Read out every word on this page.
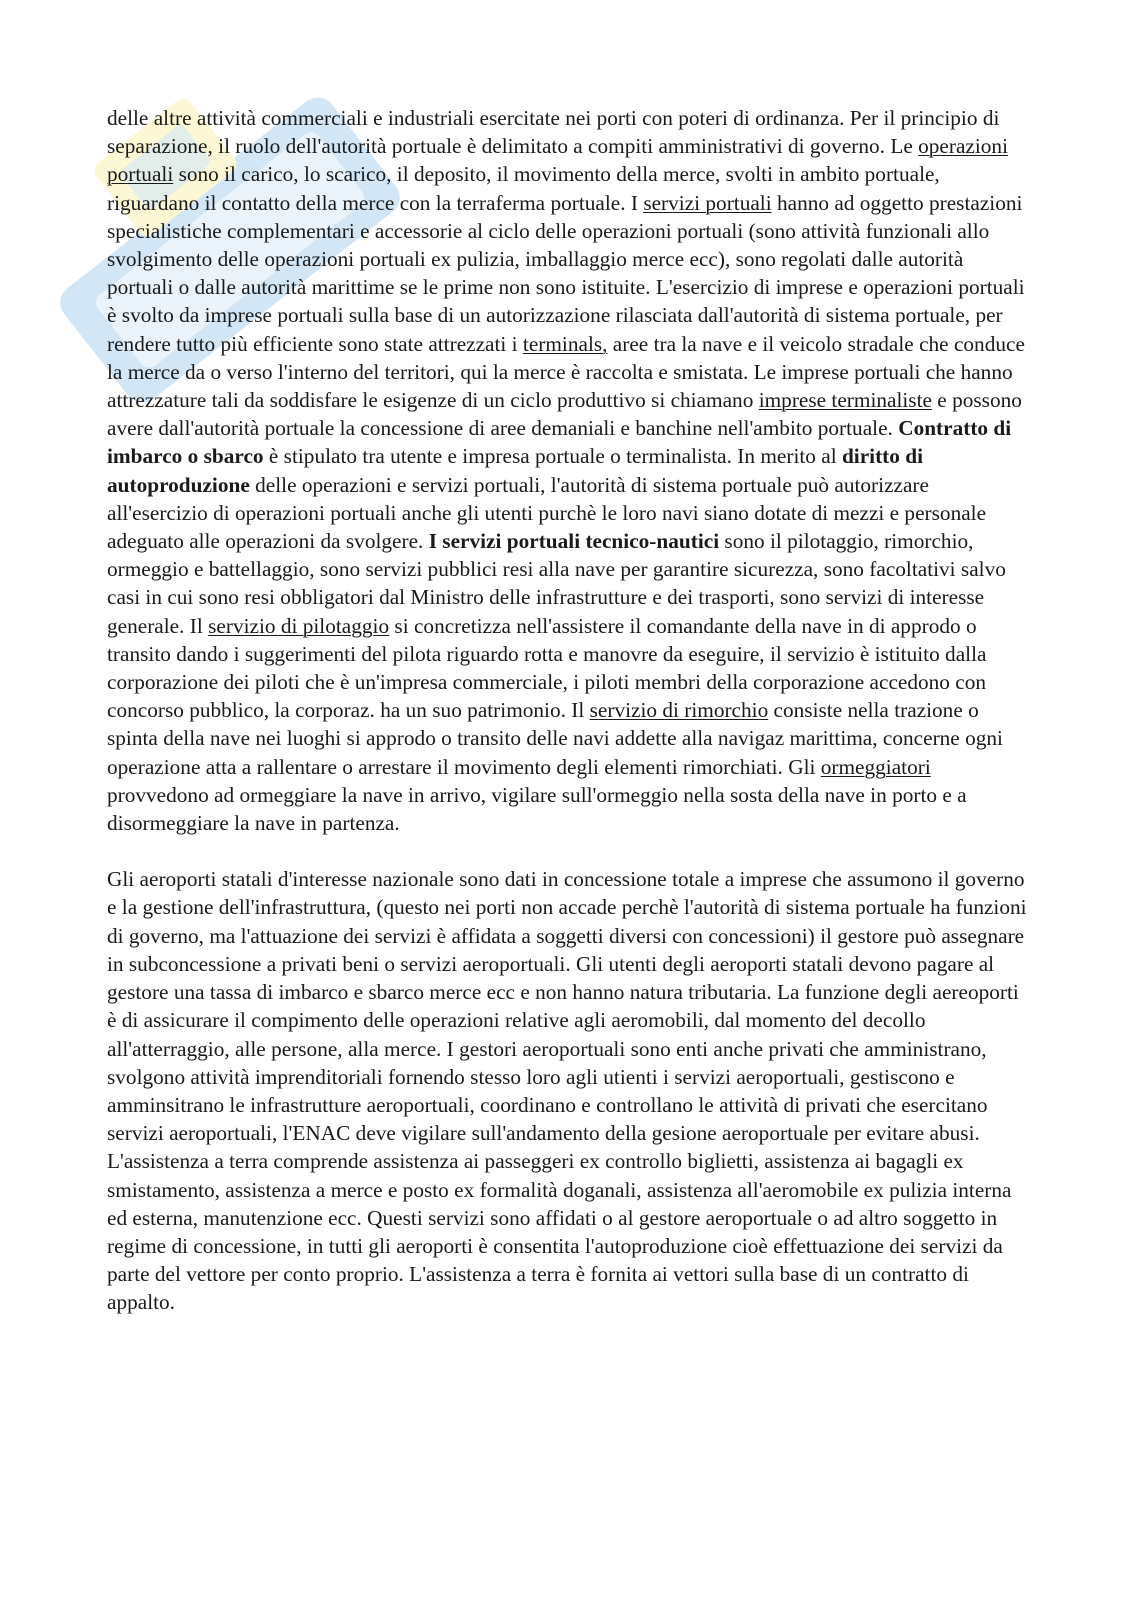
delle altre attività commerciali e industriali esercitate nei porti con poteri di ordinanza. Per il principio di separazione, il ruolo dell'autorità portuale è delimitato a compiti amministrativi di governo. Le operazioni portuali sono il carico, lo scarico, il deposito, il movimento della merce, svolti in ambito portuale, riguardano il contatto della merce con la terraferma portuale. I servizi portuali hanno ad oggetto prestazioni specialistiche complementari e accessorie al ciclo delle operazioni portuali (sono attività funzionali allo svolgimento delle operazioni portuali ex pulizia, imballaggio merce ecc), sono regolati dalle autorità portuali o dalle autorità marittime se le prime non sono istituite. L'esercizio di imprese e operazioni portuali è svolto da imprese portuali sulla base di un autorizzazione rilasciata dall'autorità di sistema portuale, per rendere tutto più efficiente sono state attrezzati i terminals, aree tra la nave e il veicolo stradale che conduce la merce da o verso l'interno del territori, qui la merce è raccolta e smistata. Le imprese portuali che hanno attrezzature tali da soddisfare le esigenze di un ciclo produttivo si chiamano imprese terminaliste e possono avere dall'autorità portuale la concessione di aree demaniali e banchine nell'ambito portuale. Contratto di imbarco o sbarco è stipulato tra utente e impresa portuale o terminalista. In merito al diritto di autoproduzione delle operazioni e servizi portuali, l'autorità di sistema portuale può autorizzare all'esercizio di operazioni portuali anche gli utenti purchè le loro navi siano dotate di mezzi e personale adeguato alle operazioni da svolgere. I servizi portuali tecnico-nautici sono il pilotaggio, rimorchio, ormeggio e battellaggio, sono servizi pubblici resi alla nave per garantire sicurezza, sono facoltativi salvo casi in cui sono resi obbligatori dal Ministro delle infrastrutture e dei trasporti, sono servizi di interesse generale. Il servizio di pilotaggio si concretizza nell'assistere il comandante della nave in di approdo o transito dando i suggerimenti del pilota riguardo rotta e manovre da eseguire, il servizio è istituito dalla corporazione dei piloti che è un'impresa commerciale, i piloti membri della corporazione accedono con concorso pubblico, la corporaz. ha un suo patrimonio. Il servizio di rimorchio consiste nella trazione o spinta della nave nei luoghi si approdo o transito delle navi addette alla navigaz marittima, concerne ogni operazione atta a rallentare o arrestare il movimento degli elementi rimorchiati. Gli ormeggiatori provvedono ad ormeggiare la nave in arrivo, vigilare sull'ormeggio nella sosta della nave in porto e a disormeggiare la nave in partenza.

Gli aeroporti statali d'interesse nazionale sono dati in concessione totale a imprese che assumono il governo e la gestione dell'infrastruttura, (questo nei porti non accade perchè l'autorità di sistema portuale ha funzioni di governo, ma l'attuazione dei servizi è affidata a soggetti diversi con concessioni) il gestore può assegnare in subconcessione a privati beni o servizi aeroportuali. Gli utenti degli aeroporti statali devono pagare al gestore una tassa di imbarco e sbarco merce ecc e non hanno natura tributaria. La funzione degli aereoporti è di assicurare il compimento delle operazioni relative agli aeromobili, dal momento del decollo all'atterraggio, alle persone, alla merce. I gestori aeroportuali sono enti anche privati che amministrano, svolgono attività imprenditoriali fornendo stesso loro agli utienti i servizi aeroportuali, gestiscono e amminsitrano le infrastrutture aeroportuali, coordinano e controllano le attività di privati che esercitano servizi aeroportuali, l'ENAC deve vigilare sull'andamento della gesione aeroportuale per evitare abusi. L'assistenza a terra comprende assistenza ai passeggeri ex controllo biglietti, assistenza ai bagagli ex smistamento, assistenza a merce e posto ex formalità doganali, assistenza all'aeromobile ex pulizia interna ed esterna, manutenzione ecc. Questi servizi sono affidati o al gestore aeroportuale o ad altro soggetto in regime di concessione, in tutti gli aeroporti è consentita l'autoproduzione cioè effettuazione dei servizi da parte del vettore per conto proprio. L'assistenza a terra è fornita ai vettori sulla base di un contratto di appalto.
